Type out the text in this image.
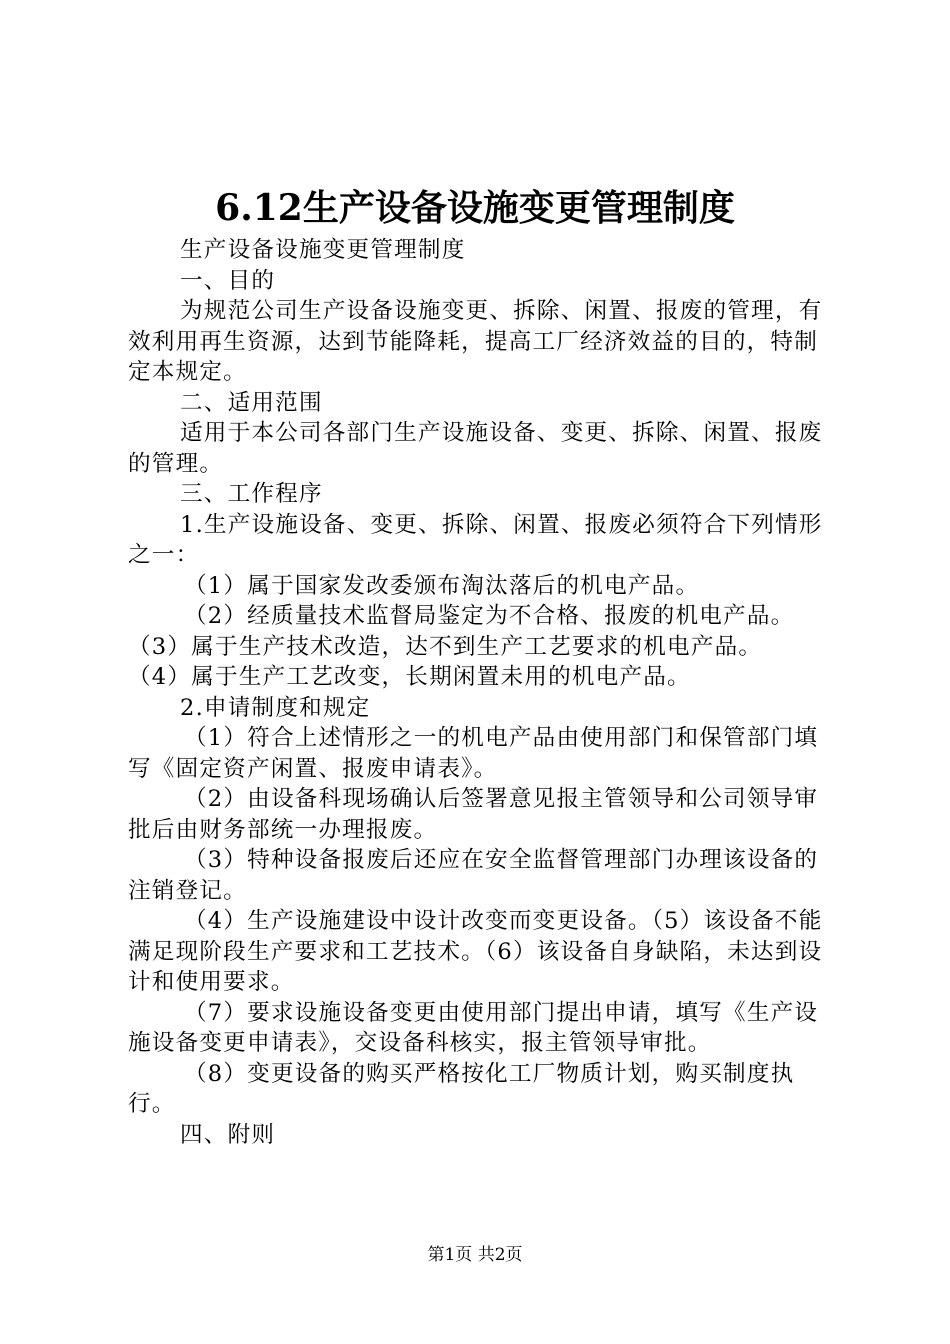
6.12生产设备设施变更管理制度

生产设备设施变更管理制度

一、目的

为规范公司生产设备设施变更、拆除、闲置、报废的管理，有效利用再生资源，达到节能降耗，提高工厂经济效益的目的，特制定本规定。

二、适用范围

适用于本公司各部门生产设施设备、变更、拆除、闲置、报废的管理。

三、工作程序

1.生产设施设备、变更、拆除、闲置、报废必须符合下列情形之一：

（1）属于国家发改委颁布淘汰落后的机电产品。

（2）经质量技术监督局鉴定为不合格、报废的机电产品。

（3）属于生产技术改造，达不到生产工艺要求的机电产品。

（4）属于生产工艺改变，长期闲置未用的机电产品。

2.申请制度和规定

（1）符合上述情形之一的机电产品由使用部门和保管部门填写《固定资产闲置、报废申请表》。

（2）由设备科现场确认后签署意见报主管领导和公司领导审批后由财务部统一办理报废。

（3）特种设备报废后还应在安全监督管理部门办理该设备的注销登记。

（4）生产设施建设中设计改变而变更设备。（5）该设备不能满足现阶段生产要求和工艺技术。（6）该设备自身缺陷，未达到设计和使用要求。

（7）要求设施设备变更由使用部门提出申请，填写《生产设施设备变更申请表》，交设备科核实，报主管领导审批。

（8）变更设备的购买严格按化工厂物质计划，购买制度执行。

四、附则

第1页 共2页
